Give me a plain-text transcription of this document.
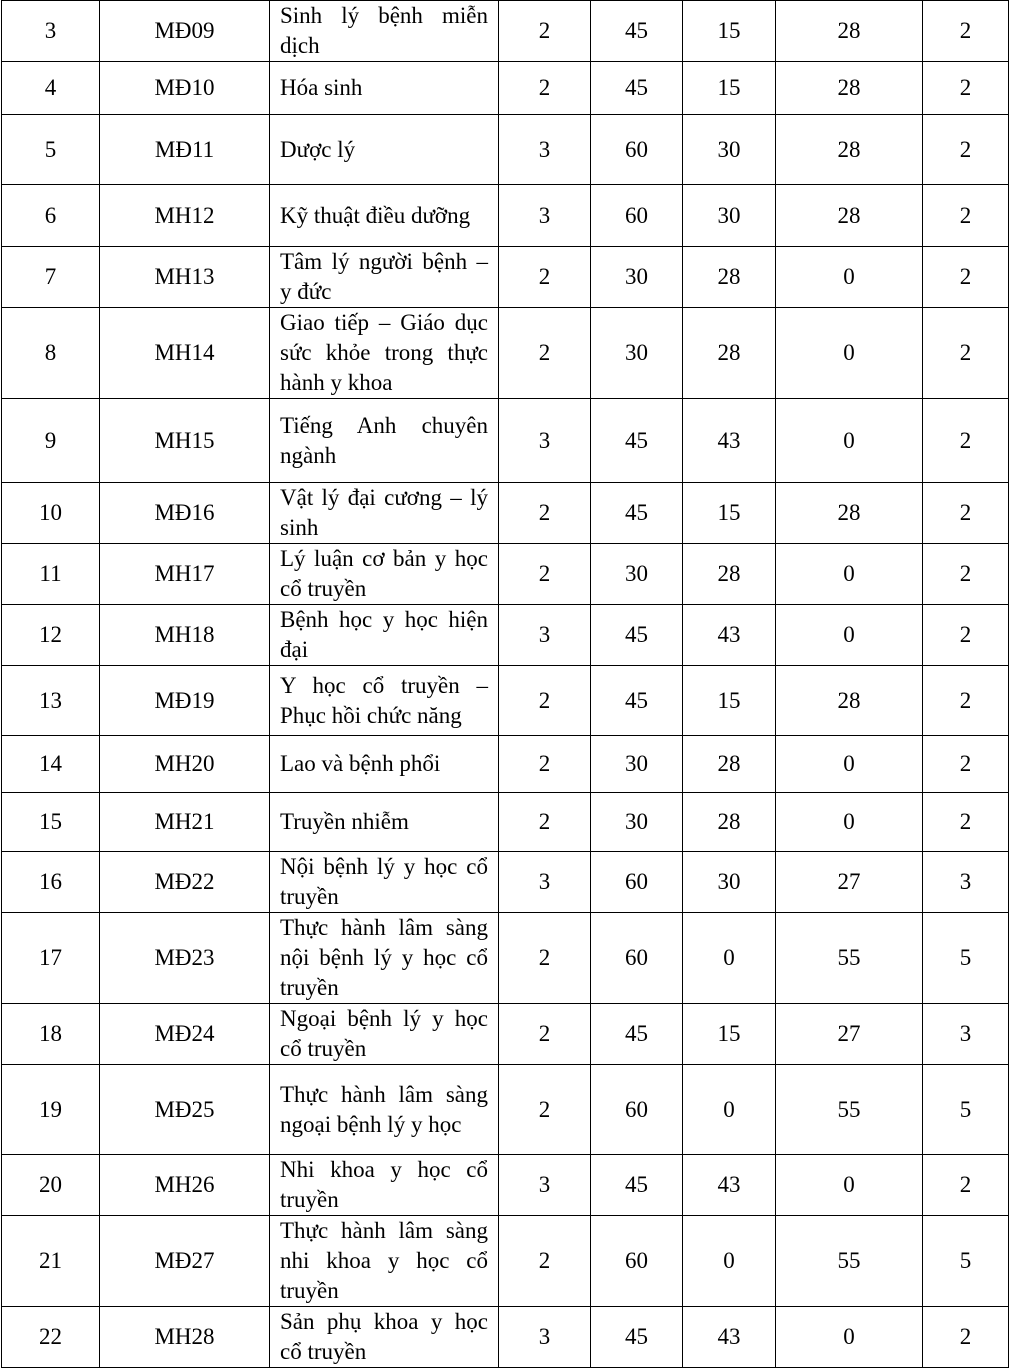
3	MĐ09	Sinh lý bệnh miễn dịch	2	45	15	28	2
4	MĐ10	Hóa sinh	2	45	15	28	2
5	MĐ11	Dược lý	3	60	30	28	2
6	MH12	Kỹ thuật điều dưỡng	3	60	30	28	2
7	MH13	Tâm lý người bệnh – y đức	2	30	28	0	2
8	MH14	Giao tiếp – Giáo dục sức khỏe trong thực hành y khoa	2	30	28	0	2
9	MH15	Tiếng Anh chuyên ngành	3	45	43	0	2
10	MĐ16	Vật lý đại cương – lý sinh	2	45	15	28	2
11	MH17	Lý luận cơ bản y học cổ truyền	2	30	28	0	2
12	MH18	Bệnh học y học hiện đại	3	45	43	0	2
13	MĐ19	Y học cổ truyền – Phục hồi chức năng	2	45	15	28	2
14	MH20	Lao và bệnh phổi	2	30	28	0	2
15	MH21	Truyền nhiễm	2	30	28	0	2
16	MĐ22	Nội bệnh lý y học cổ truyền	3	60	30	27	3
17	MĐ23	Thực hành lâm sàng nội bệnh lý y học cổ truyền	2	60	0	55	5
18	MĐ24	Ngoại bệnh lý y học cổ truyền	2	45	15	27	3
19	MĐ25	Thực hành lâm sàng ngoại bệnh lý y học	2	60	0	55	5
20	MH26	Nhi khoa y học cổ truyền	3	45	43	0	2
21	MĐ27	Thực hành lâm sàng nhi khoa y học cổ truyền	2	60	0	55	5
22	MH28	Sản phụ khoa y học cổ truyền	3	45	43	0	2
